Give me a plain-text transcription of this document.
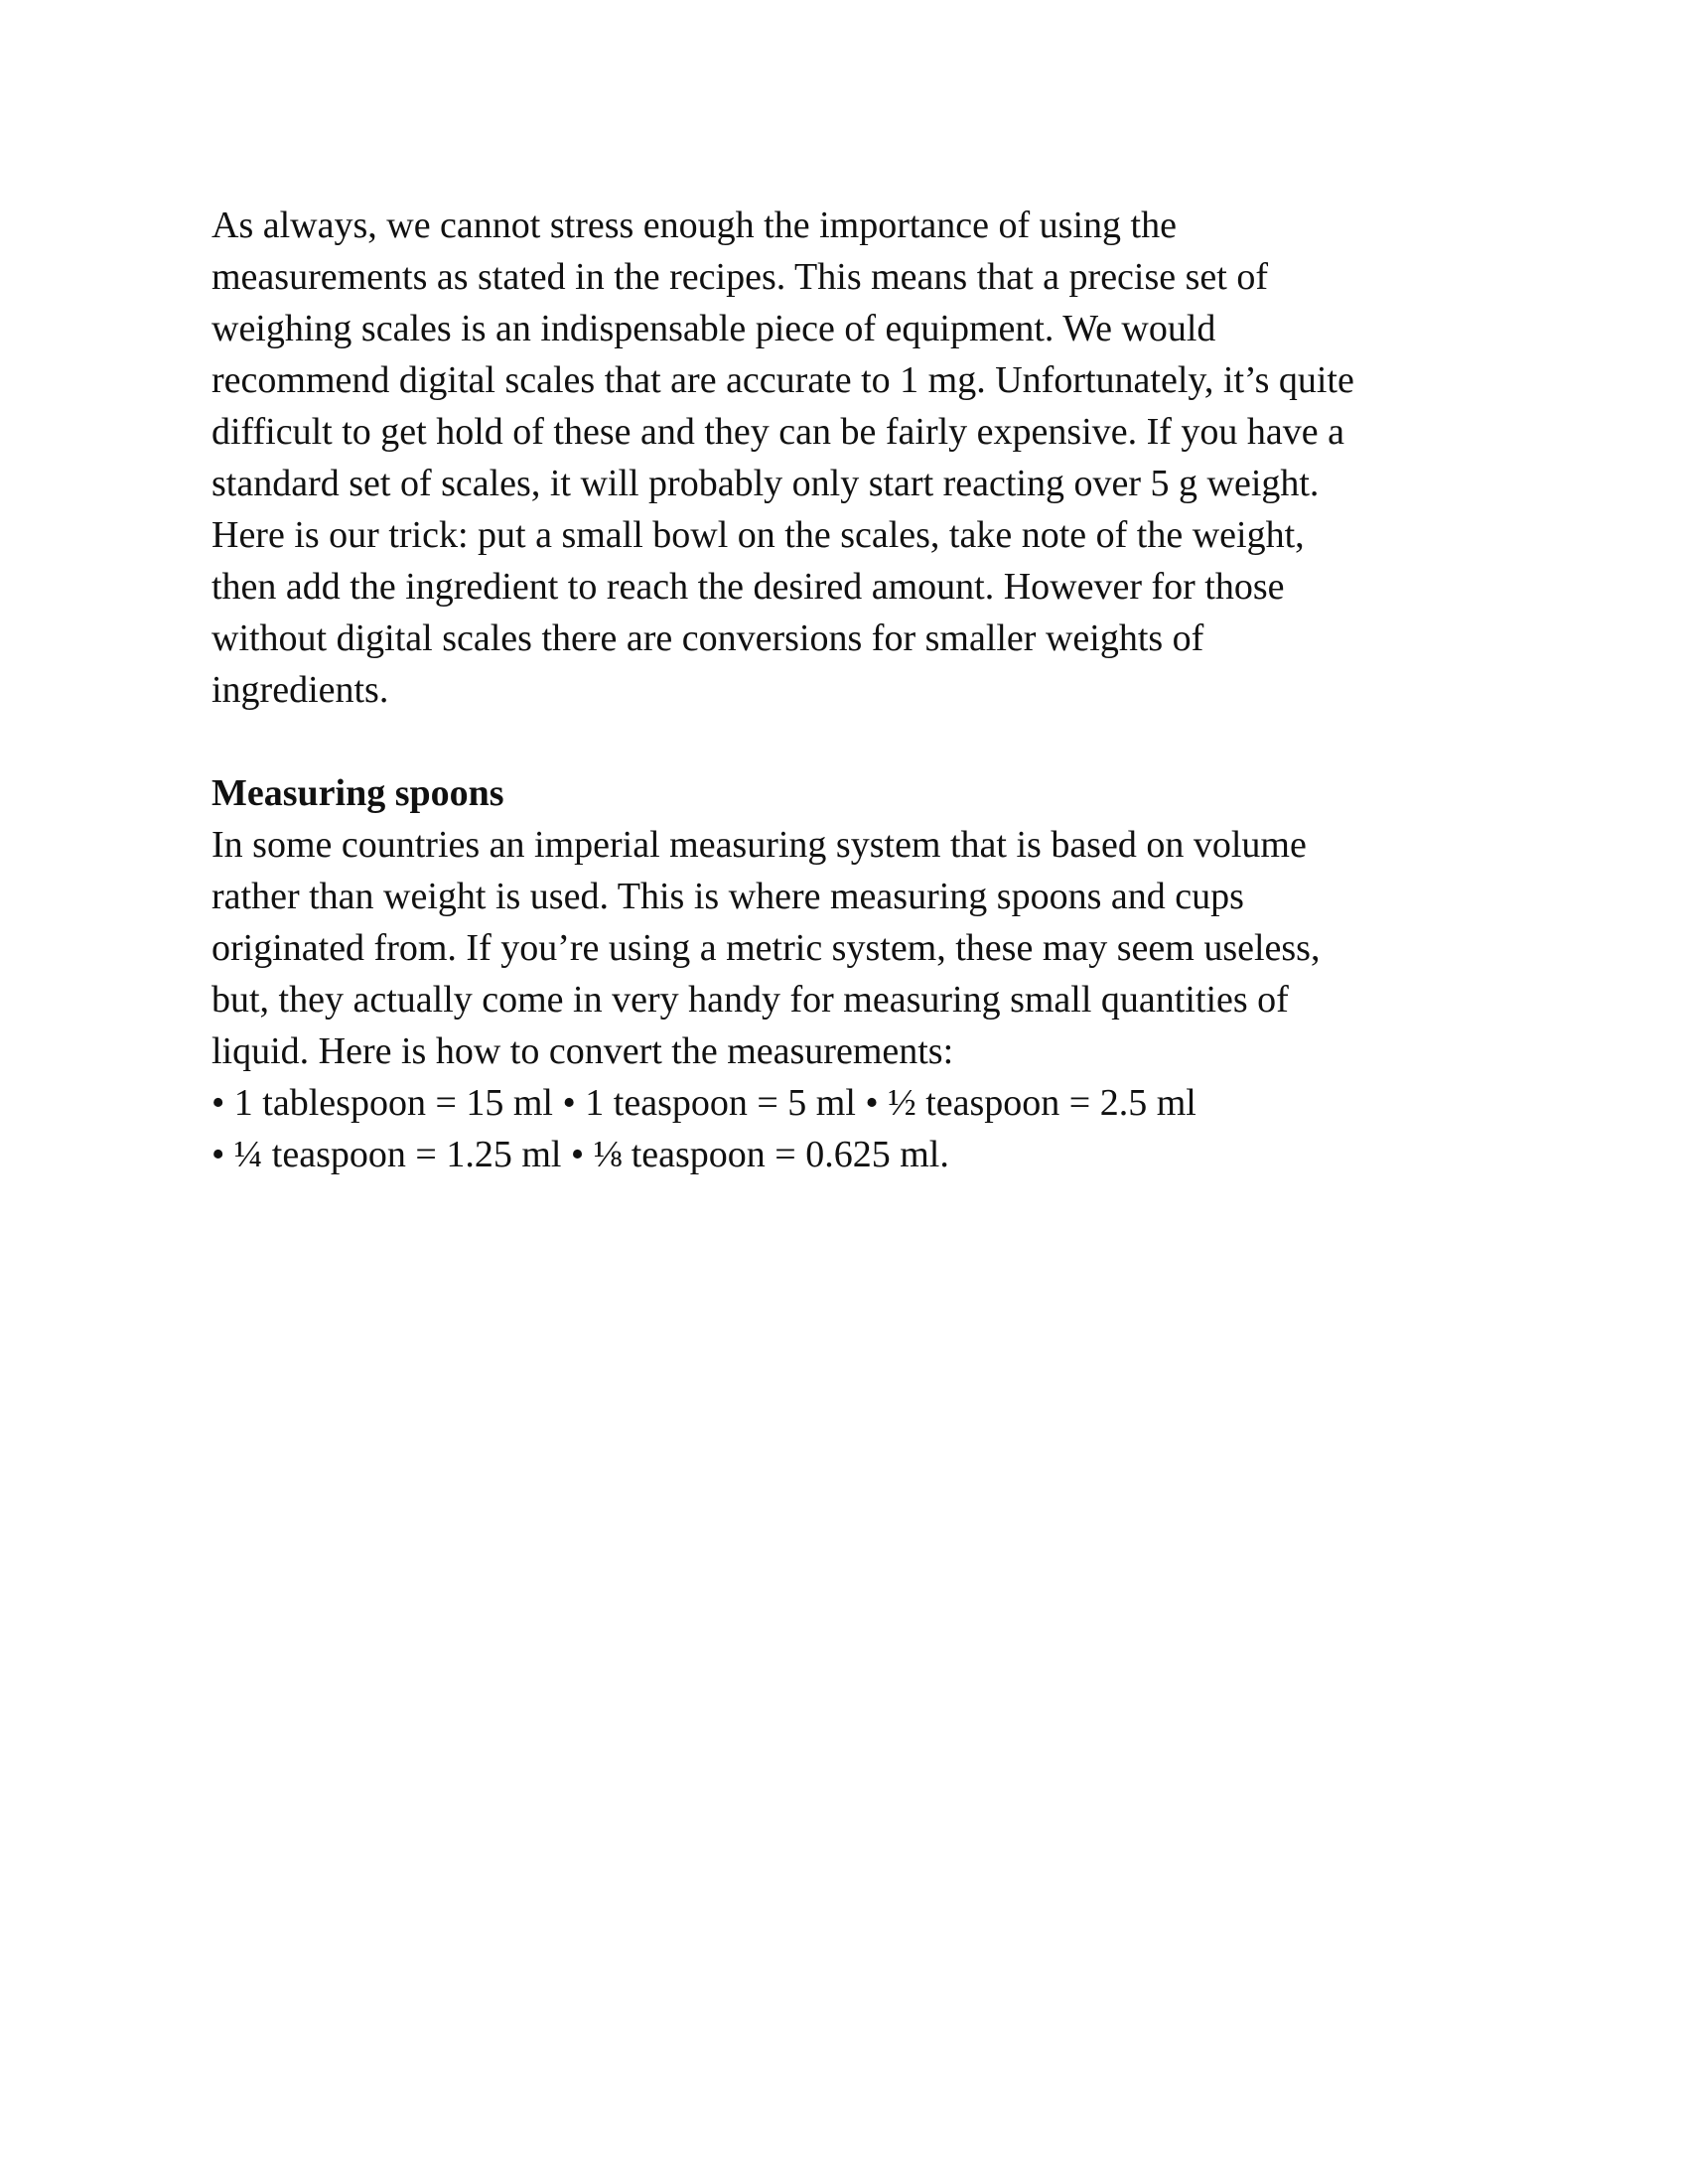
As always, we cannot stress enough the importance of using the
measurements as stated in the recipes. This means that a precise set of
weighing scales is an indispensable piece of equipment. We would
recommend digital scales that are accurate to 1 mg. Unfortunately, it’s quite
difficult to get hold of these and they can be fairly expensive. If you have a
standard set of scales, it will probably only start reacting over 5 g weight.
Here is our trick: put a small bowl on the scales, take note of the weight,
then add the ingredient to reach the desired amount. However for those
without digital scales there are conversions for smaller weights of
ingredients.
Measuring spoons
In some countries an imperial measuring system that is based on volume
rather than weight is used. This is where measuring spoons and cups
originated from. If you’re using a metric system, these may seem useless,
but, they actually come in very handy for measuring small quantities of
liquid. Here is how to convert the measurements:
• 1 tablespoon = 15 ml • 1 teaspoon = 5 ml • ½ teaspoon = 2.5 ml
• ¼ teaspoon = 1.25 ml • ⅛ teaspoon = 0.625 ml.
